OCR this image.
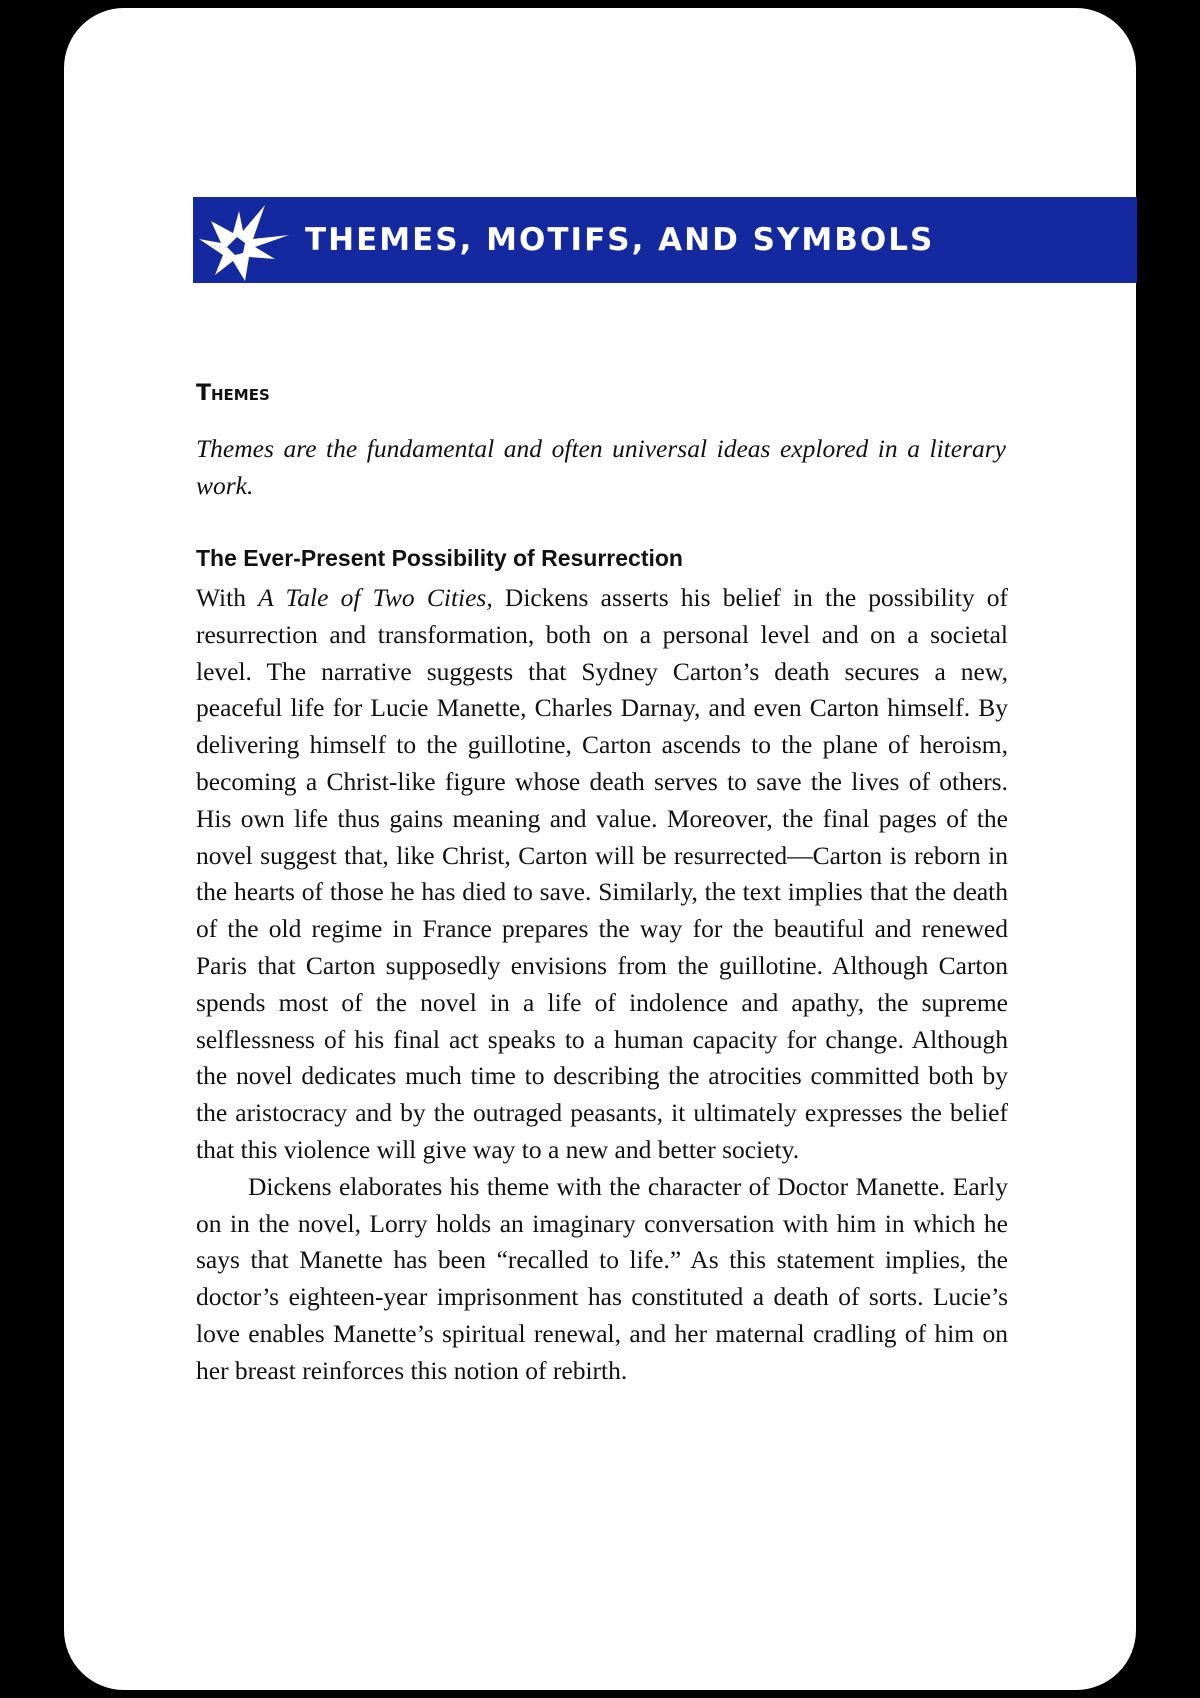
THEMES, MOTIFS, AND SYMBOLS
Themes
Themes are the fundamental and often universal ideas explored in a literary work.
The Ever-Present Possibility of Resurrection

With A Tale of Two Cities, Dickens asserts his belief in the possibility of resurrection and transformation, both on a personal level and on a societal level. The narrative suggests that Sydney Carton’s death secures a new, peaceful life for Lucie Manette, Charles Darnay, and even Carton himself. By delivering himself to the guillotine, Carton ascends to the plane of heroism, becoming a Christ-like figure whose death serves to save the lives of others. His own life thus gains meaning and value. Moreover, the final pages of the novel suggest that, like Christ, Carton will be resurrected—Carton is reborn in the hearts of those he has died to save. Similarly, the text implies that the death of the old regime in France prepares the way for the beautiful and renewed Paris that Carton supposedly envisions from the guillotine. Although Carton spends most of the novel in a life of indolence and apathy, the supreme selflessness of his final act speaks to a human capacity for change. Although the novel dedicates much time to describing the atrocities committed both by the aristocracy and by the outraged peasants, it ultimately expresses the belief that this violence will give way to a new and better society.

Dickens elaborates his theme with the character of Doctor Manette. Early on in the novel, Lorry holds an imaginary conversation with him in which he says that Manette has been “recalled to life.” As this statement implies, the doctor’s eighteen-year imprisonment has constituted a death of sorts. Lucie’s love enables Manette’s spiritual renewal, and her maternal cradling of him on her breast reinforces this notion of rebirth.
